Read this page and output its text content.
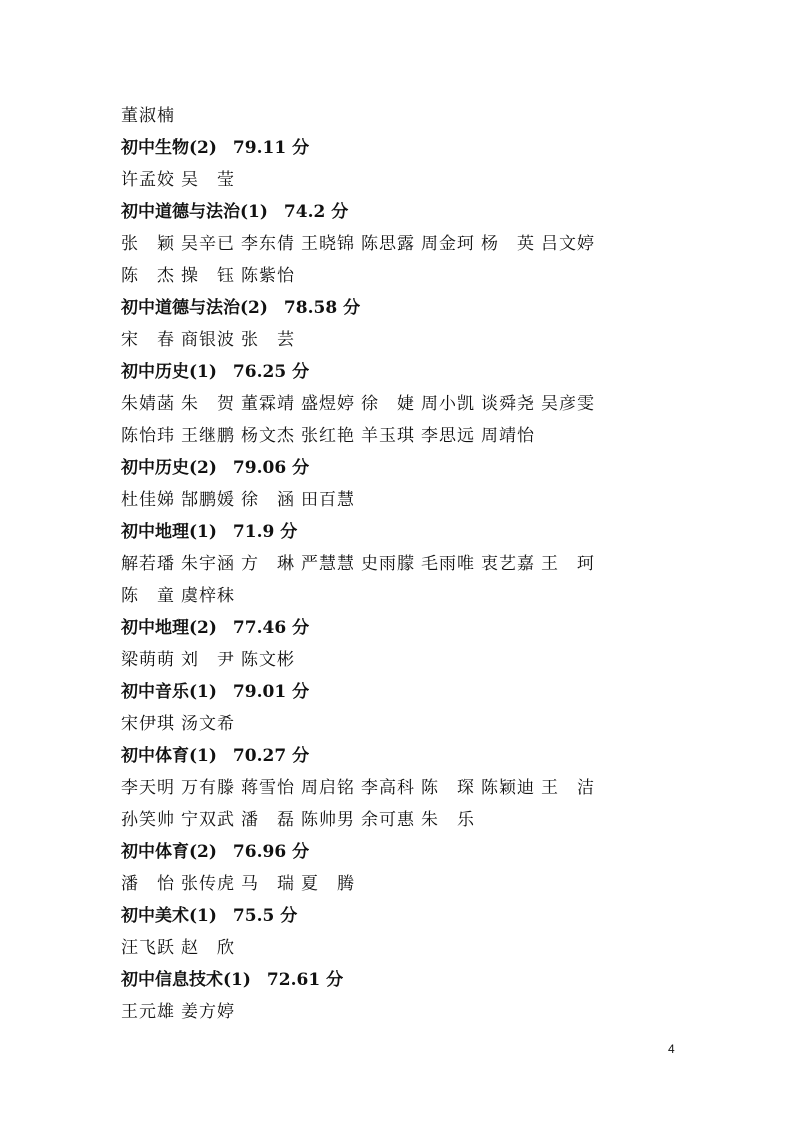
董淑楠
初中生物(2) 79.11 分
许孟姣 吴　莹
初中道德与法治(1) 74.2 分
张　颖 吴辛已 李东倩 王晓锦 陈思露 周金珂 杨　英 吕文婷
陈　杰 操　钰 陈紫怡
初中道德与法治(2) 78.58 分
宋　春 商银波 张　芸
初中历史(1) 76.25 分
朱婧菡 朱　贺 董霖靖 盛煜婷 徐　婕 周小凯 谈舜尧 吴彦雯
陈怡玮 王继鹏 杨文杰 张红艳 羊玉琪 李思远 周靖怡
初中历史(2) 79.06 分
杜佳娣 郜鹏媛 徐　涵 田百慧
初中地理(1) 71.9 分
解若璠 朱宇涵 方　琳 严慧慧 史雨朦 毛雨唯 衷艺嘉 王　珂
陈　童 虞梓秣
初中地理(2) 77.46 分
梁萌萌 刘　尹 陈文彬
初中音乐(1) 79.01 分
宋伊琪 汤文希
初中体育(1) 70.27 分
李天明 万有滕 蒋雪怡 周启铭 李高科 陈　琛 陈颖迪 王　洁
孙笑帅 宁双武 潘　磊 陈帅男 余可惠 朱　乐
初中体育(2) 76.96 分
潘　怡 张传虎 马　瑞 夏　腾
初中美术(1) 75.5 分
汪飞跃 赵　欣
初中信息技术(1) 72.61 分
王元雄 姜方婷
4
